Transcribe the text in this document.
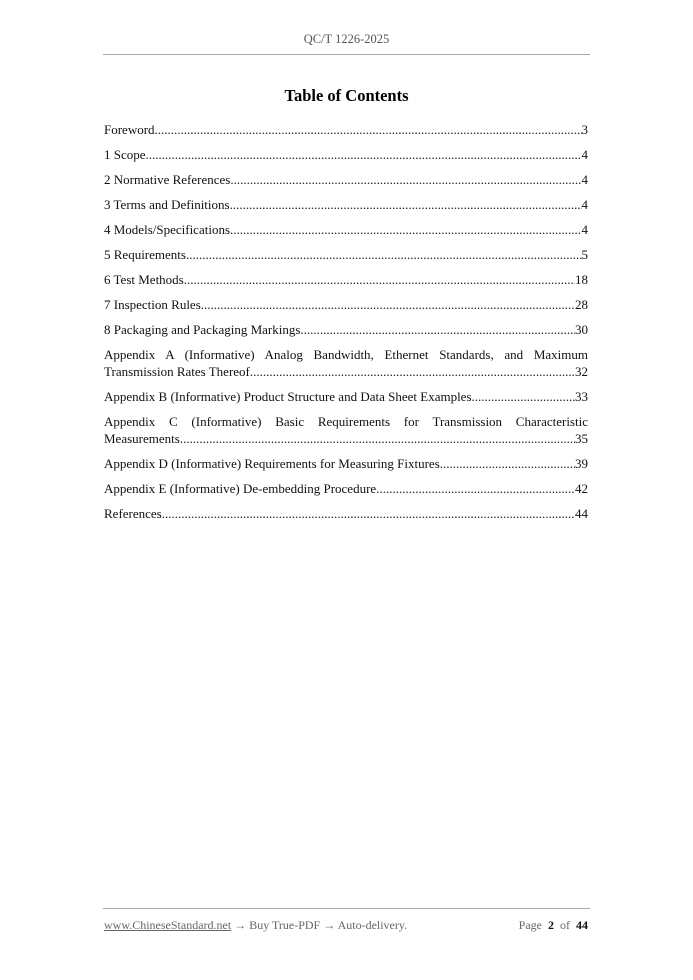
QC/T 1226-2025
Table of Contents
Foreword .....	3
1 Scope .....	4
2 Normative References .....	4
3 Terms and Definitions .....	4
4 Models/Specifications .....	4
5 Requirements .....	5
6 Test Methods .....	18
7 Inspection Rules .....	28
8 Packaging and Packaging Markings .....	30
Appendix A (Informative) Analog Bandwidth, Ethernet Standards, and Maximum
Transmission Rates Thereof .....	32
Appendix B (Informative) Product Structure and Data Sheet Examples .....	33
Appendix C (Informative) Basic Requirements for Transmission Characteristic
Measurements .....	35
Appendix D (Informative) Requirements for Measuring Fixtures .....	39
Appendix E (Informative) De-embedding Procedure .....	42
References .....	44
www.ChineseStandard.net → Buy True-PDF → Auto-delivery.	Page 2 of 44
